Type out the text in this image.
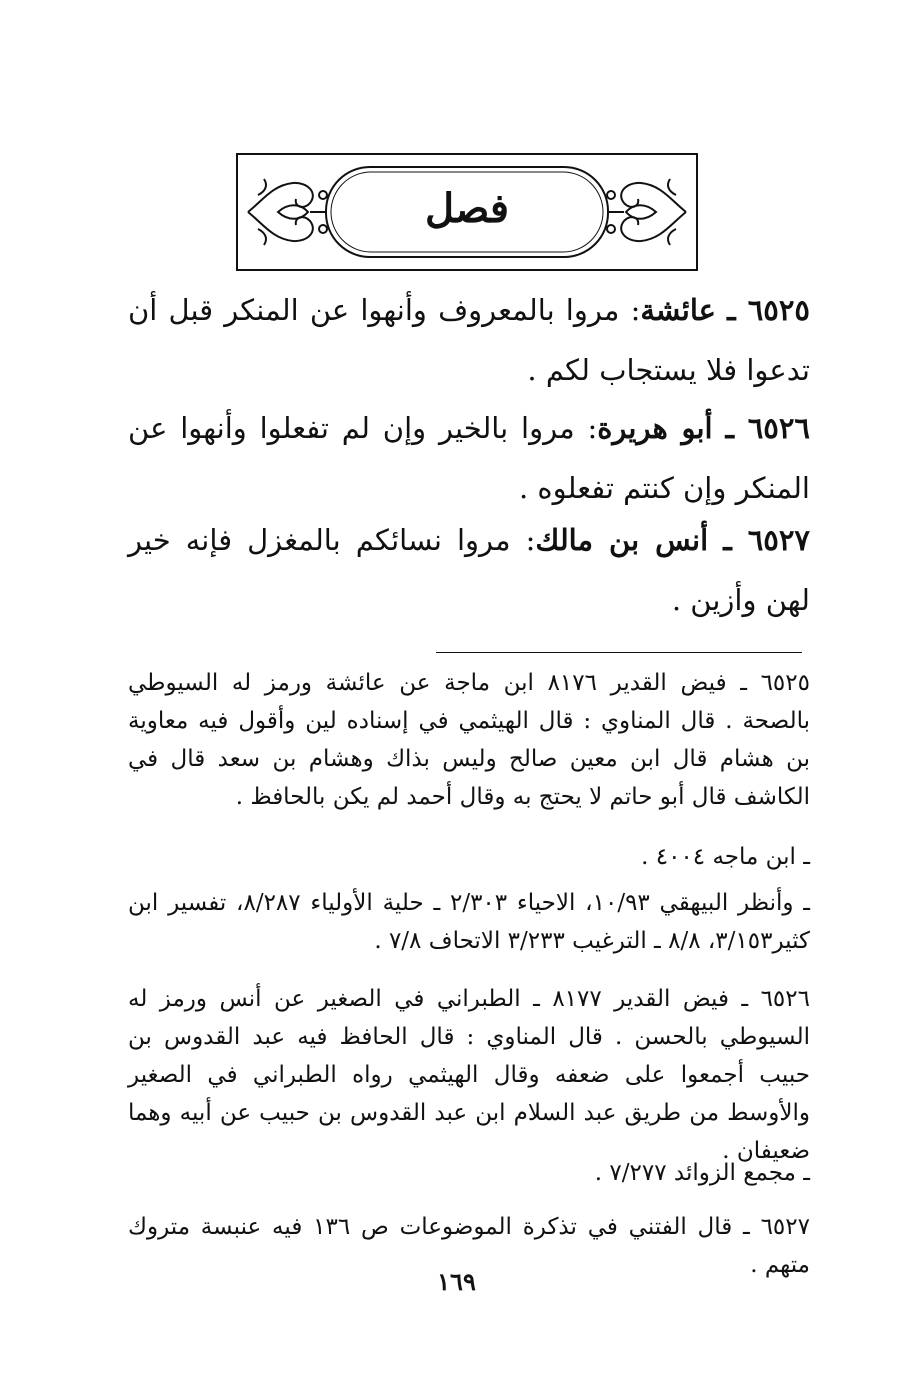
فصل
٦٥٢٥ ـ عائشة: مروا بالمعروف وأنهوا عن المنكر قبل أن تدعوا فلا يستجاب لكم .
٦٥٢٦ ـ أبو هريرة: مروا بالخير وإن لم تفعلوا وأنهوا عن المنكر وإن كنتم تفعلوه .
٦٥٢٧ ـ أنس بن مالك: مروا نسائكم بالمغزل فإنه خير لهن وأزين .
٦٥٢٥ ـ فيض القدير ٨١٧٦ ابن ماجة عن عائشة ورمز له السيوطي بالصحة . قال المناوي : قال الهيثمي في إسناده لين وأقول فيه معاوية بن هشام قال ابن معين صالح وليس بذاك وهشام بن سعد قال في الكاشف قال أبو حاتم لا يحتج به وقال أحمد لم يكن بالحافظ .
ـ ابن ماجه ٤٠٠٤ .
ـ وأنظر البيهقي ١٠/٩٣، الاحياء ٢/٣٠٣ ـ حلية الأولياء ٨/٢٨٧، تفسير ابن كثير٣/١٥٣، ٨/٨ ـ الترغيب ٣/٢٣٣ الاتحاف ٧/٨ .
٦٥٢٦ ـ فيض القدير ٨١٧٧ ـ الطبراني في الصغير عن أنس ورمز له السيوطي بالحسن . قال المناوي : قال الحافظ فيه عبد القدوس بن حبيب أجمعوا على ضعفه وقال الهيثمي رواه الطبراني في الصغير والأوسط من طريق عبد السلام ابن عبد القدوس بن حبيب عن أبيه وهما ضعيفان .
ـ مجمع الزوائد ٧/٢٧٧ .
٦٥٢٧ ـ قال الفتني في تذكرة الموضوعات ص ١٣٦ فيه عنبسة متروك متهم .
١٦٩
